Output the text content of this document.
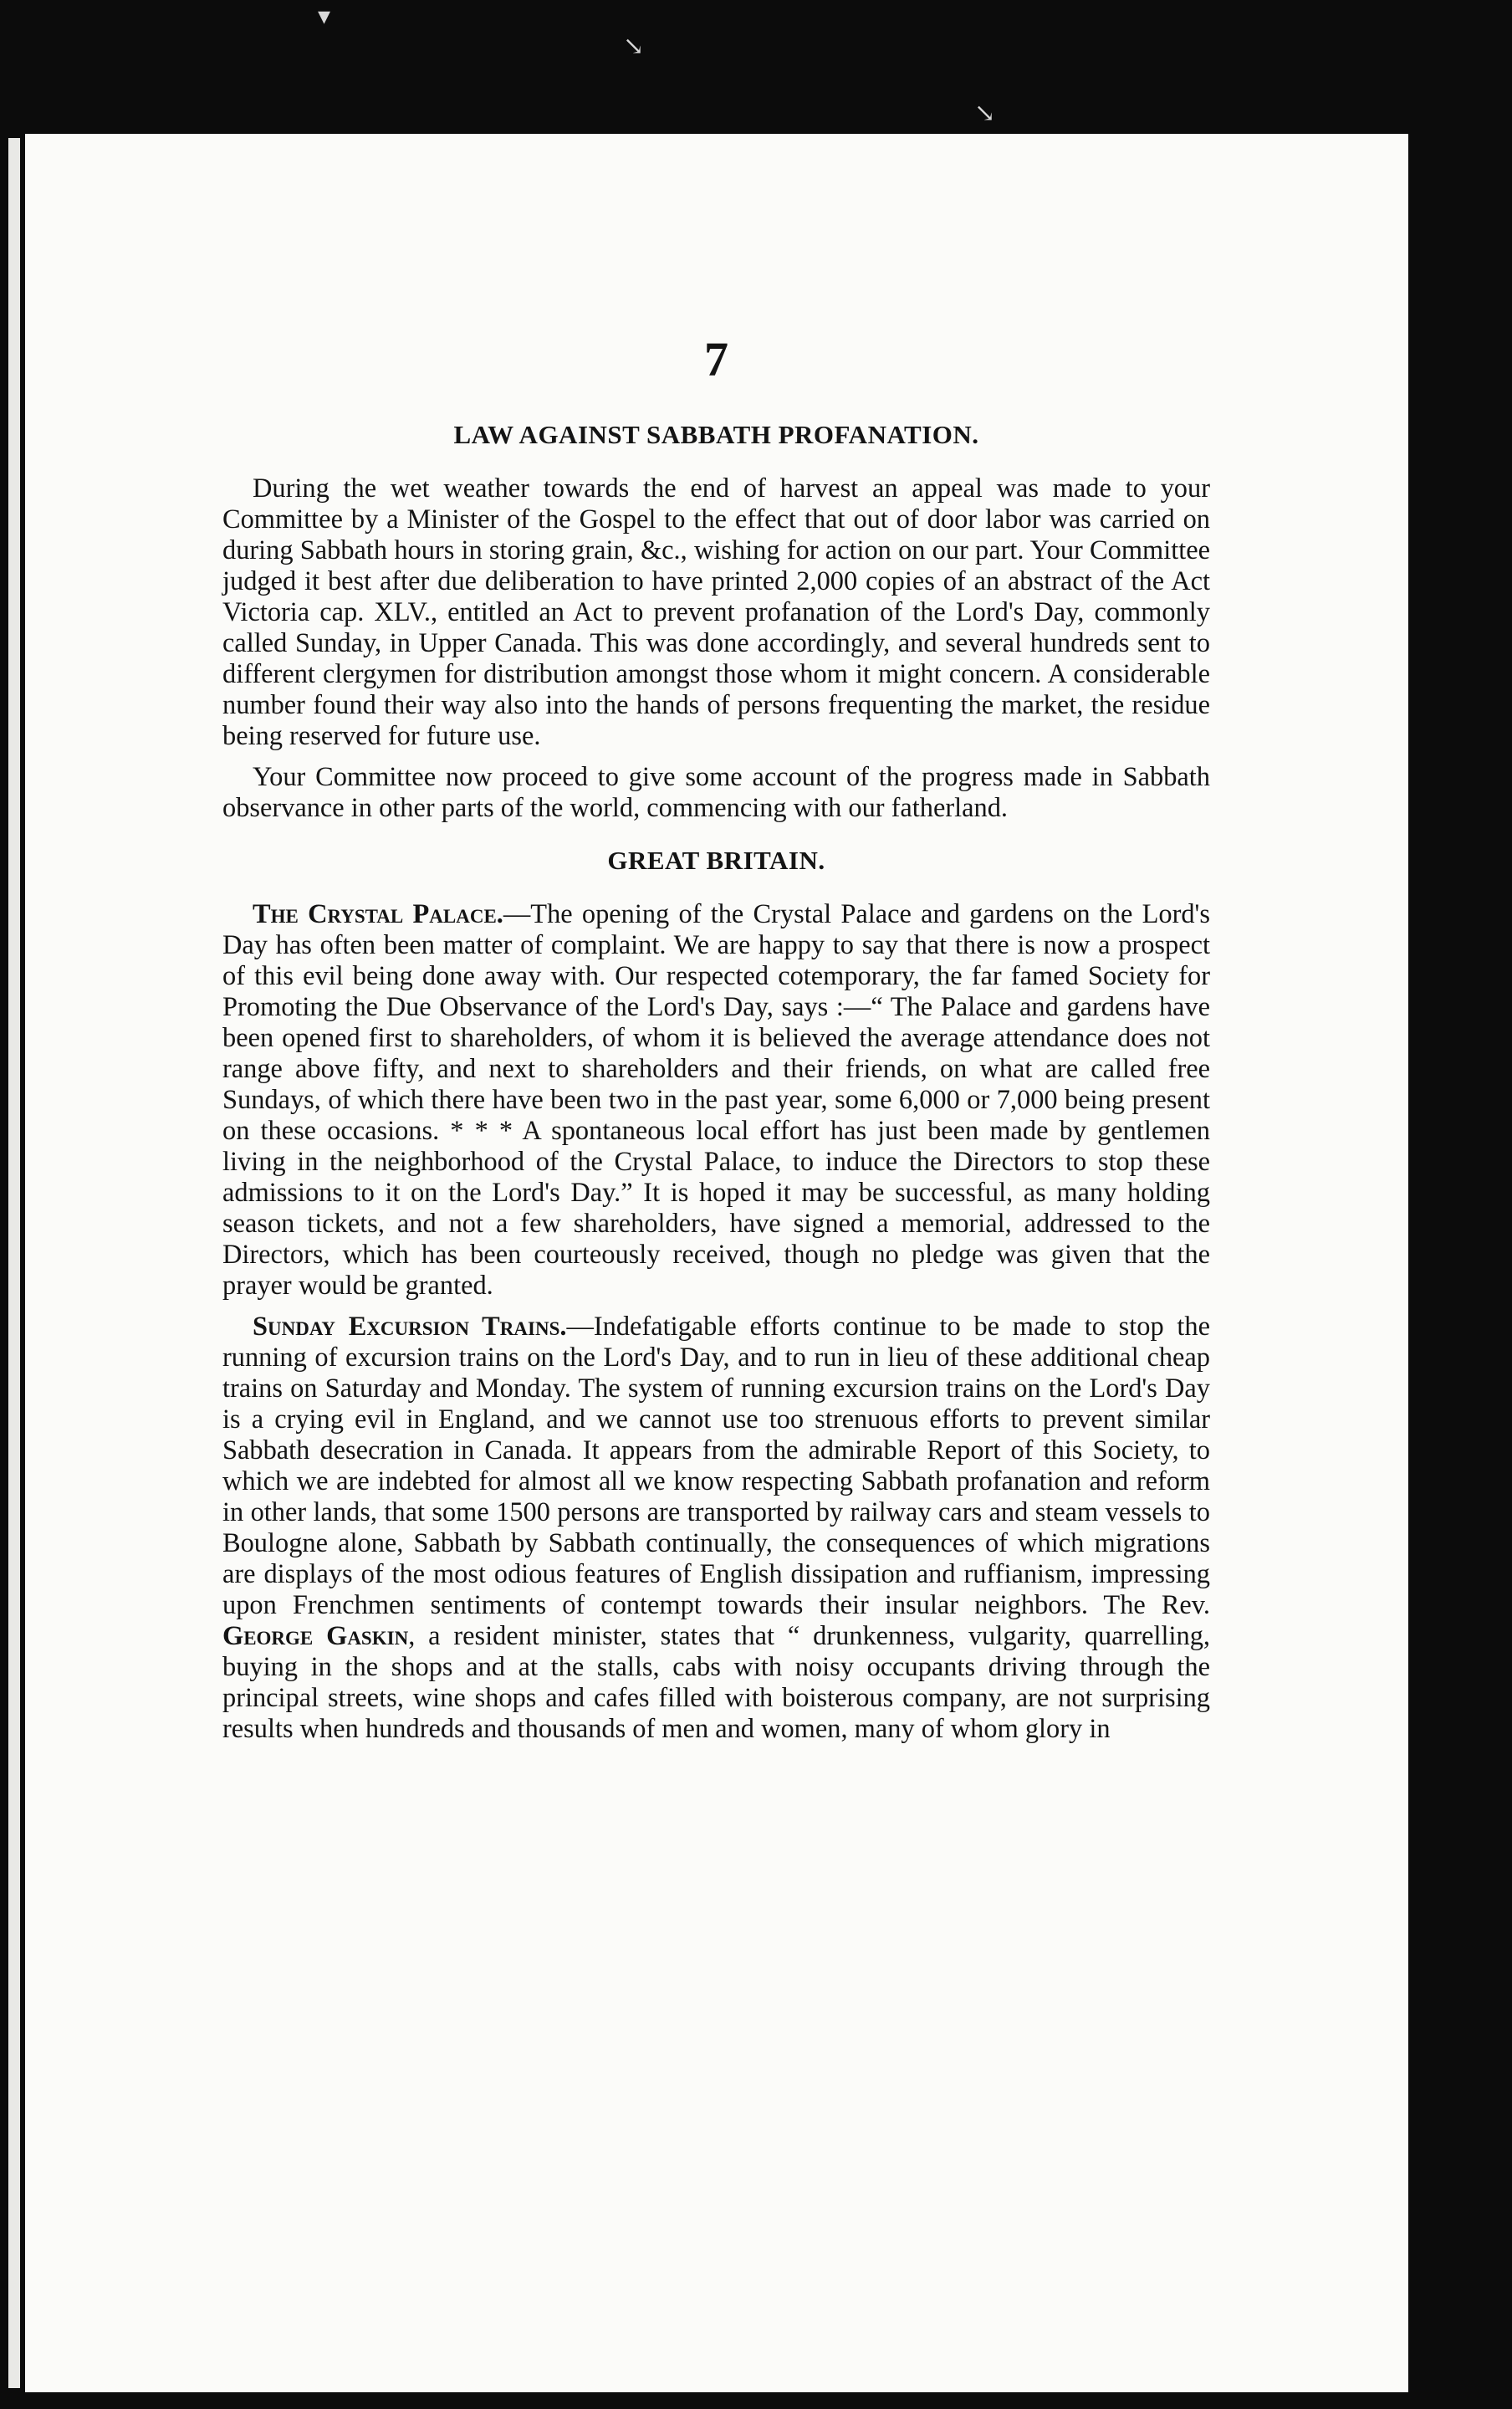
▾
↘
↘
7
LAW AGAINST SABBATH PROFANATION.

During the wet weather towards the end of harvest an appeal was made to your Committee by a Minister of the Gospel to the effect that out of door labor was carried on during Sabbath hours in storing grain, &c., wishing for action on our part. Your Committee judged it best after due deliberation to have printed 2,000 copies of an abstract of the Act Victoria cap. XLV., entitled an Act to prevent profanation of the Lord's Day, commonly called Sunday, in Upper Canada. This was done accordingly, and several hundreds sent to different clergymen for distribution amongst those whom it might concern. A considerable number found their way also into the hands of persons frequenting the market, the residue being reserved for future use.

Your Committee now proceed to give some account of the progress made in Sabbath observance in other parts of the world, commencing with our fatherland.

GREAT BRITAIN.

The Crystal Palace.—The opening of the Crystal Palace and gardens on the Lord's Day has often been matter of complaint. We are happy to say that there is now a prospect of this evil being done away with. Our respected cotemporary, the far famed Society for Promoting the Due Observance of the Lord's Day, says :—“ The Palace and gardens have been opened first to shareholders, of whom it is believed the average attendance does not range above fifty, and next to shareholders and their friends, on what are called free Sundays, of which there have been two in the past year, some 6,000 or 7,000 being present on these occasions. * * * A spontaneous local effort has just been made by gentlemen living in the neighborhood of the Crystal Palace, to induce the Directors to stop these admissions to it on the Lord's Day.” It is hoped it may be successful, as many holding season tickets, and not a few shareholders, have signed a memorial, addressed to the Directors, which has been courteously received, though no pledge was given that the prayer would be granted.

Sunday Excursion Trains.—Indefatigable efforts continue to be made to stop the running of excursion trains on the Lord's Day, and to run in lieu of these additional cheap trains on Saturday and Monday. The system of running excursion trains on the Lord's Day is a crying evil in England, and we cannot use too strenuous efforts to prevent similar Sabbath desecration in Canada. It appears from the admirable Report of this Society, to which we are indebted for almost all we know respecting Sabbath profanation and reform in other lands, that some 1500 persons are transported by railway cars and steam vessels to Boulogne alone, Sabbath by Sabbath continually, the consequences of which migrations are displays of the most odious features of English dissipation and ruffianism, impressing upon Frenchmen sentiments of contempt towards their insular neighbors. The Rev. George Gaskin, a resident minister, states that “ drunkenness, vulgarity, quarrelling, buying in the shops and at the stalls, cabs with noisy occupants driving through the principal streets, wine shops and cafes filled with boisterous company, are not surprising results when hundreds and thousands of men and women, many of whom glory in
